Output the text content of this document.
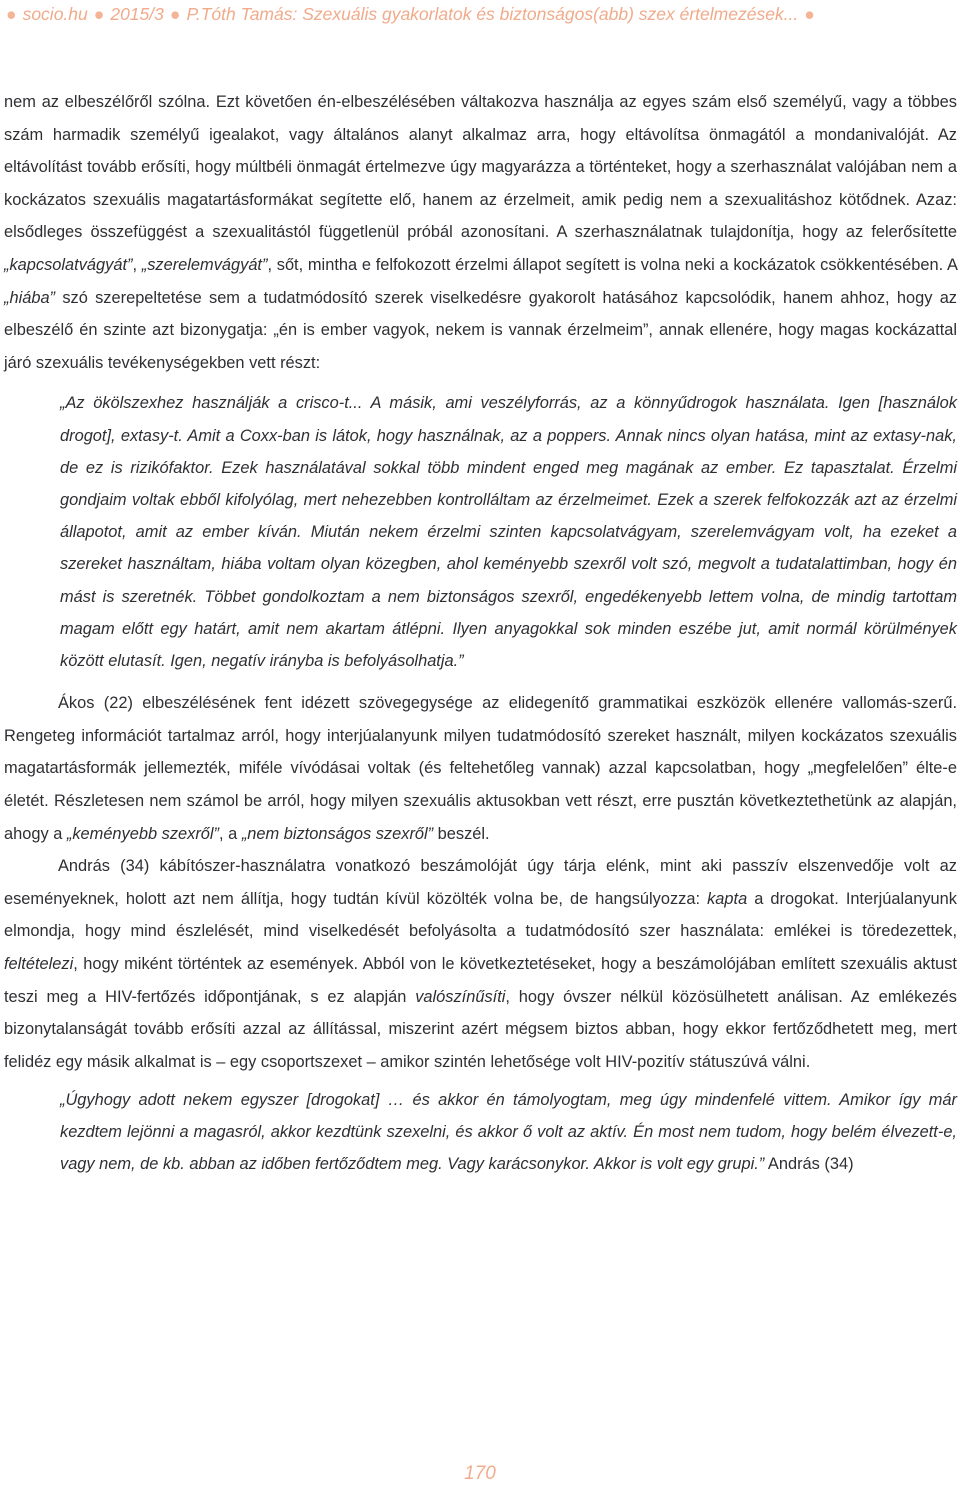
● socio.hu ● 2015/3 ● P.Tóth Tamás: Szexuális gyakorlatok és biztonságos(abb) szex értelmezések... ●

nem az elbeszélőről szólna. Ezt követően én-elbeszélésében váltakozva használja az egyes szám első személyű, vagy a többes szám harmadik személyű igealakot, vagy általános alanyt alkalmaz arra, hogy eltávolítsa önmagától a mondanivalóját. Az eltávolítást tovább erősíti, hogy múltbéli önmagát értelmezve úgy magyarázza a történteket, hogy a szerhasználat valójában nem a kockázatos szexuális magatartásformákat segítette elő, hanem az érzelmeit, amik pedig nem a szexualitáshoz kötődnek. Azaz: elsődleges összefüggést a szexualitástól függetlenül próbál azonosítani. A szerhasználatnak tulajdonítja, hogy az felerősítette „kapcsolatvágyát”, „szerelemvágyát”, sőt, mintha e felfokozott érzelmi állapot segített is volna neki a kockázatok csökkentésében. A „hiába” szó szerepeltetése sem a tudatmódosító szerek viselkedésre gyakorolt hatásához kapcsolódik, hanem ahhoz, hogy az elbeszélő én szinte azt bizonygatja: „én is ember vagyok, nekem is vannak érzelmeim”, annak ellenére, hogy magas kockázattal járó szexuális tevékenységekben vett részt:

„Az ökölszexhez használják a crisco-t... A másik, ami veszélyforrás, az a könnyűdrogok használata. Igen [használok drogot], extasy-t. Amit a Coxx-ban is látok, hogy használnak, az a poppers. Annak nincs olyan hatása, mint az extasy-nak, de ez is rizikófaktor. Ezek használatával sokkal több mindent enged meg magának az ember. Ez tapasztalat. Érzelmi gondjaim voltak ebből kifolyólag, mert nehezebben kontrolláltam az érzelmeimet. Ezek a szerek felfokozzák azt az érzelmi állapotot, amit az ember kíván. Miután nekem érzelmi szinten kapcsolatvágyam, szerelemvágyam volt, ha ezeket a szereket használtam, hiába voltam olyan közegben, ahol keményebb szexről volt szó, megvolt a tudatalattimban, hogy én mást is szeretnék. Többet gondolkoztam a nem biztonságos szexről, engedékenyebb lettem volna, de mindig tartottam magam előtt egy határt, amit nem akartam átlépni. Ilyen anyagokkal sok minden eszébe jut, amit normál körülmények között elutasít. Igen, negatív irányba is befolyásolhatja.”

Ákos (22) elbeszélésének fent idézett szövegegysége az elidegenítő grammatikai eszközök ellenére vallomás-szerű. Rengeteg információt tartalmaz arról, hogy interjúalanyunk milyen tudatmódosító szereket használt, milyen kockázatos szexuális magatartásformák jellemezték, miféle vívódásai voltak (és feltehetőleg vannak) azzal kapcsolatban, hogy „megfelelően” élte-e életét. Részletesen nem számol be arról, hogy milyen szexuális aktusokban vett részt, erre pusztán következtethetünk az alapján, ahogy a „keményebb szexről”, a „nem biztonságos szexről” beszél.

András (34) kábítószer-használatra vonatkozó beszámolóját úgy tárja elénk, mint aki passzív elszenvedője volt az eseményeknek, holott azt nem állítja, hogy tudtán kívül közölték volna be, de hangsúlyozza: kapta a drogokat. Interjúalanyunk elmondja, hogy mind észlelését, mind viselkedését befolyásolta a tudatmódosító szer használata: emlékei is töredezettek, feltételezi, hogy miként történtek az események. Abból von le következtetéseket, hogy a beszámolójában említett szexuális aktust teszi meg a HIV-fertőzés időpontjának, s ez alapján valószínűsíti, hogy óvszer nélkül közösülhetett análisan. Az emlékezés bizonytalanságát tovább erősíti azzal az állítással, miszerint azért mégsem biztos abban, hogy ekkor fertőződhetett meg, mert felidéz egy másik alkalmat is – egy csoportszexet – amikor szintén lehetősége volt HIV-pozitív státuszúvá válni.

„Úgyhogy adott nekem egyszer [drogokat] … és akkor én támolyogtam, meg úgy mindenfelé vittem. Amikor így már kezdtem lejönni a magasról, akkor kezdtünk szexelni, és akkor ő volt az aktív. Én most nem tudom, hogy belém élvezett-e, vagy nem, de kb. abban az időben fertőződtem meg. Vagy karácsonykor. Akkor is volt egy grupi.” András (34)

170
